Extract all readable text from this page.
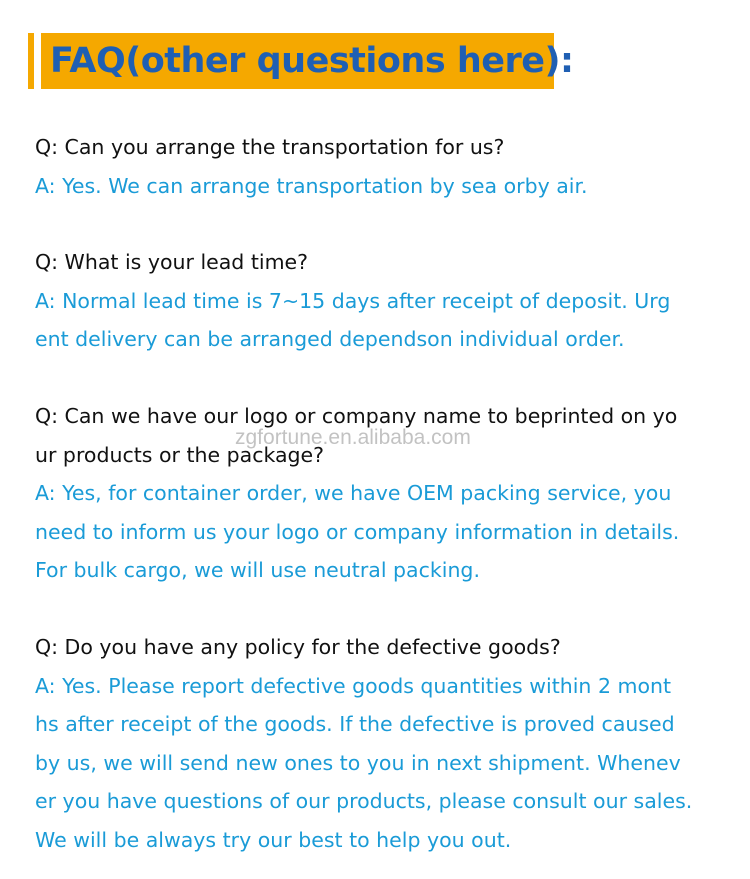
FAQ(other questions here):
Q: Can you arrange the transportation for us?
A: Yes. We can arrange transportation by sea orby air.
Q: What is your lead time?
A: Normal lead time is 7~15 days after receipt of deposit. Urg
ent delivery can be arranged dependson individual order.
Q: Can we have our logo or company name to beprinted on yo
ur products or the package?
A: Yes, for container order, we have OEM packing service, you
need to inform us your logo or company information in details.
For bulk cargo, we will use neutral packing.
Q: Do you have any policy for the defective goods?
A: Yes. Please report defective goods quantities within 2 mont
hs after receipt of the goods. If the defective is proved caused
by us, we will send new ones to you in next shipment. Whenev
er you have questions of our products, please consult our sales.
We will be always try our best to help you out.
zgfortune.en.alibaba.com
